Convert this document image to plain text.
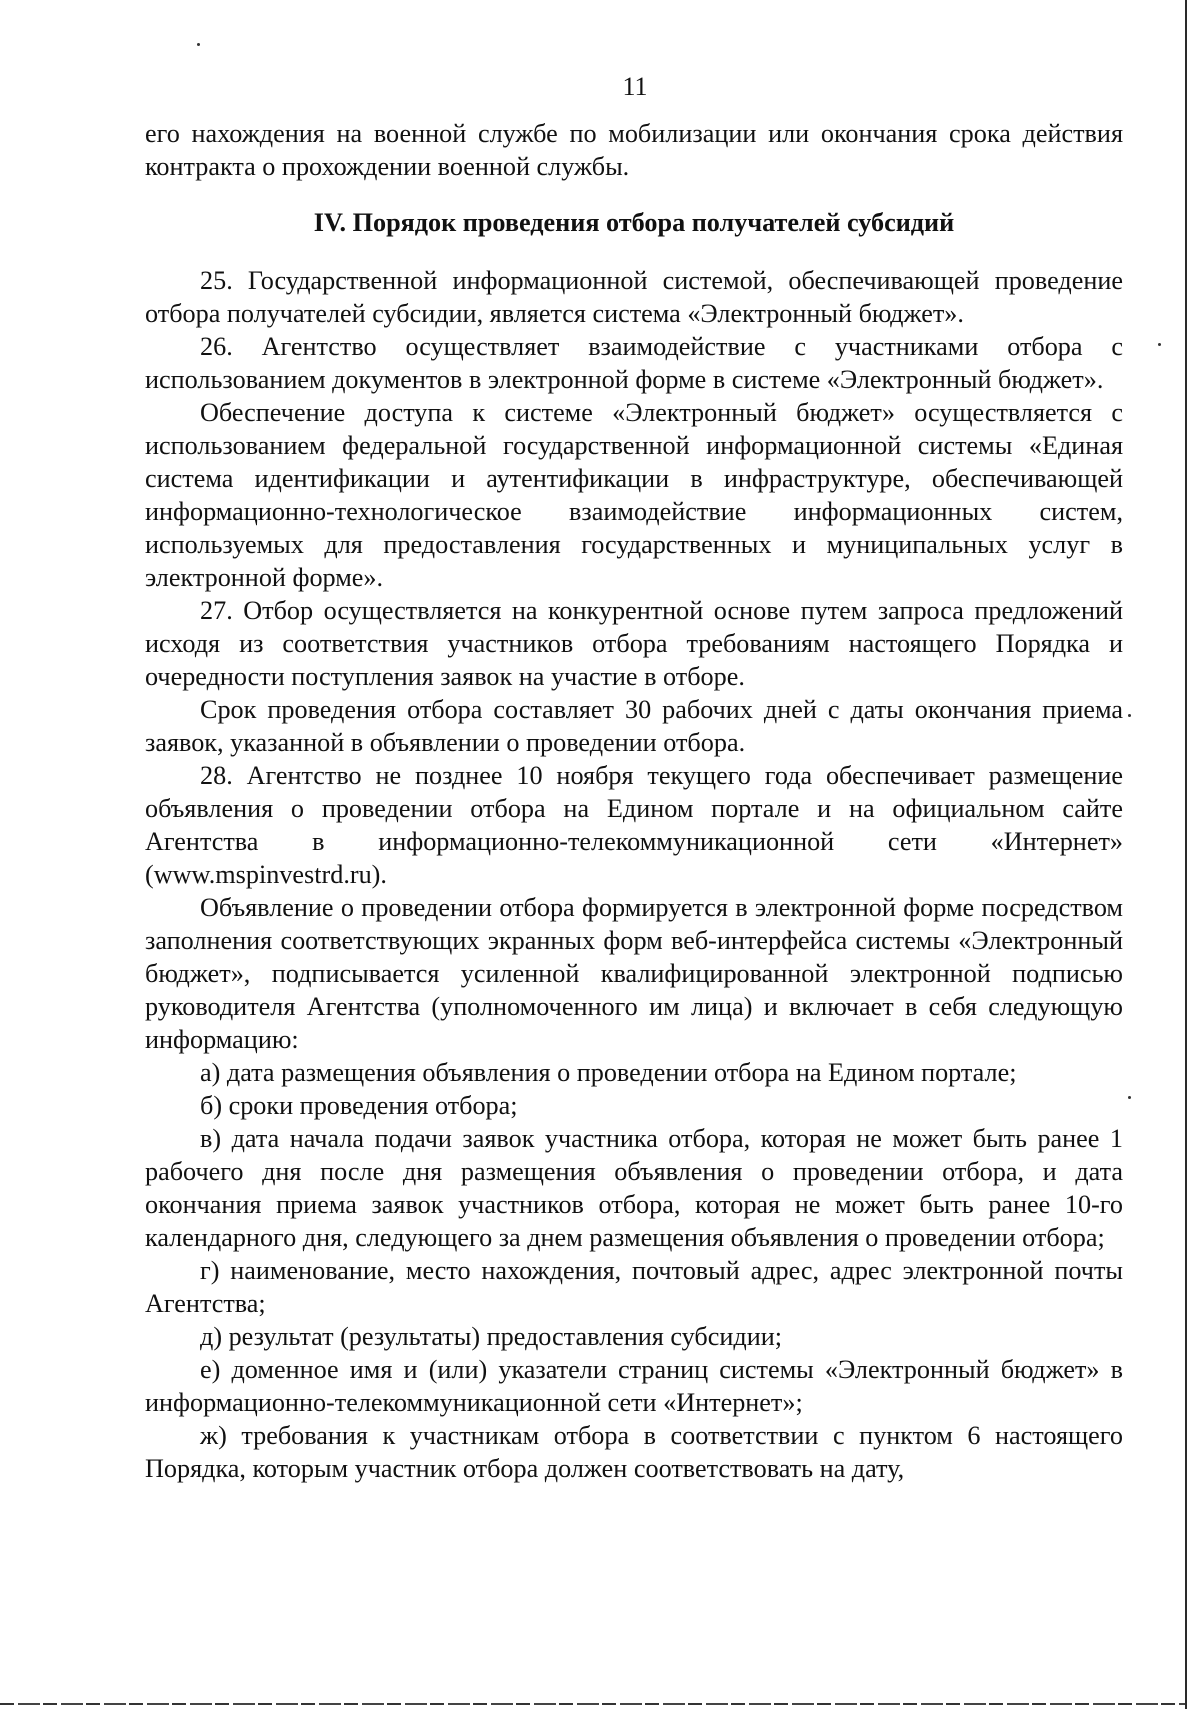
11

его нахождения на военной службе по мобилизации или окончания срока действия контракта о прохождении военной службы.

IV. Порядок проведения отбора получателей субсидий

25. Государственной информационной системой, обеспечивающей проведение отбора получателей субсидии, является система «Электронный бюджет».

26. Агентство осуществляет взаимодействие с участниками отбора с использованием документов в электронной форме в системе «Электронный бюджет».

Обеспечение доступа к системе «Электронный бюджет» осуществляется с использованием федеральной государственной информационной системы «Единая система идентификации и аутентификации в инфраструктуре, обеспечивающей информационно-технологическое взаимодействие информационных систем, используемых для предоставления государственных и муниципальных услуг в электронной форме».

27. Отбор осуществляется на конкурентной основе путем запроса предложений исходя из соответствия участников отбора требованиям настоящего Порядка и очередности поступления заявок на участие в отборе.

Срок проведения отбора составляет 30 рабочих дней с даты окончания приема заявок, указанной в объявлении о проведении отбора.

28. Агентство не позднее 10 ноября текущего года обеспечивает размещение объявления о проведении отбора на Едином портале и на официальном сайте Агентства в информационно-телекоммуникационной сети «Интернет» (www.mspinvestrd.ru).

Объявление о проведении отбора формируется в электронной форме посредством заполнения соответствующих экранных форм веб-интерфейса системы «Электронный бюджет», подписывается усиленной квалифицированной электронной подписью руководителя Агентства (уполномоченного им лица) и включает в себя следующую информацию:

а) дата размещения объявления о проведении отбора на Едином портале;

б) сроки проведения отбора;

в) дата начала подачи заявок участника отбора, которая не может быть ранее 1 рабочего дня после дня размещения объявления о проведении отбора, и дата окончания приема заявок участников отбора, которая не может быть ранее 10-го календарного дня, следующего за днем размещения объявления о проведении отбора;

г) наименование, место нахождения, почтовый адрес, адрес электронной почты Агентства;

д) результат (результаты) предоставления субсидии;

е) доменное имя и (или) указатели страниц системы «Электронный бюджет» в информационно-телекоммуникационной сети «Интернет»;

ж) требования к участникам отбора в соответствии с пунктом 6 настоящего Порядка, которым участник отбора должен соответствовать на дату,
